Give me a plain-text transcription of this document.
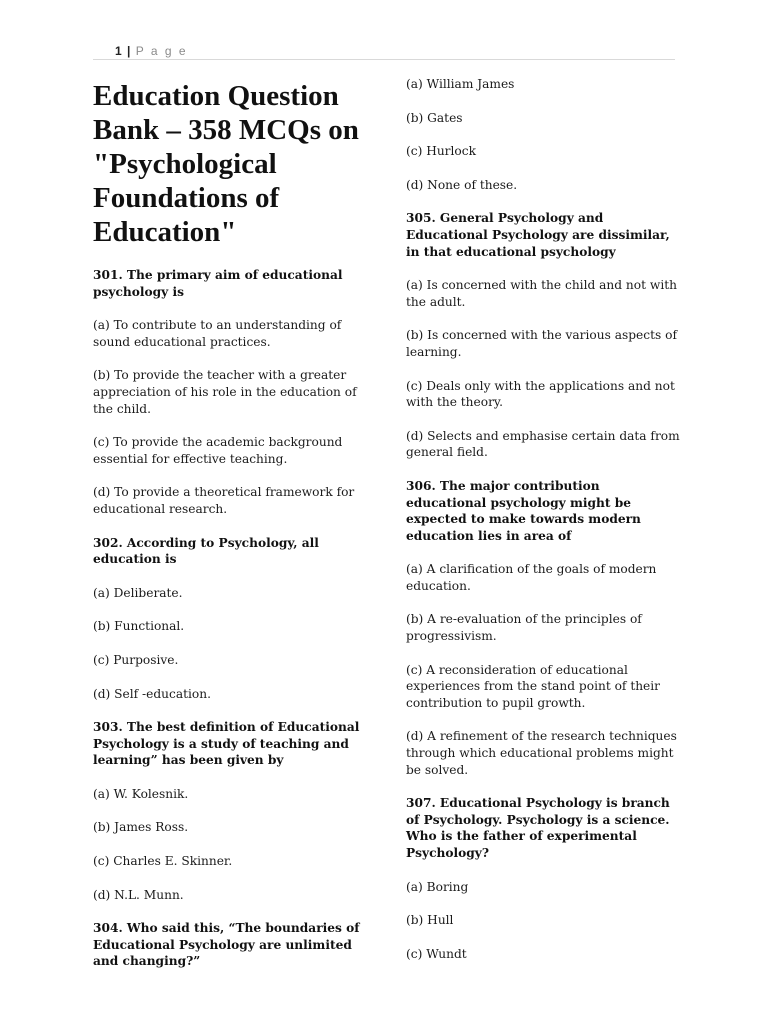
1 | P a g e
Education Question Bank – 358 MCQs on "Psychological Foundations of Education"
301. The primary aim of educational psychology is
(a) To contribute to an understanding of sound educational practices.
(b) To provide the teacher with a greater appreciation of his role in the education of the child.
(c) To provide the academic background essential for effective teaching.
(d) To provide a theoretical framework for educational research.
302. According to Psychology, all education is
(a) Deliberate.
(b) Functional.
(c) Purposive.
(d) Self -education.
303. The best definition of Educational Psychology is a study of teaching and learning” has been given by
(a) W. Kolesnik.
(b) James Ross.
(c) Charles E. Skinner.
(d) N.L. Munn.
304. Who said this, “The boundaries of Educational Psychology are unlimited and changing?”
(a) William James
(b) Gates
(c) Hurlock
(d) None of these.
305. General Psychology and Educational Psychology are dissimilar, in that educational psychology
(a) Is concerned with the child and not with the adult.
(b) Is concerned with the various aspects of learning.
(c) Deals only with the applications and not with the theory.
(d) Selects and emphasise certain data from general field.
306. The major contribution educational psychology might be expected to make towards modern education lies in area of
(a) A clarification of the goals of modern education.
(b) A re-evaluation of the principles of progressivism.
(c) A reconsideration of educational experiences from the stand point of their contribution to pupil growth.
(d) A refinement of the research techniques through which educational problems might be solved.
307. Educational Psychology is branch of Psychology. Psychology is a science. Who is the father of experimental Psychology?
(a) Boring
(b) Hull
(c) Wundt
